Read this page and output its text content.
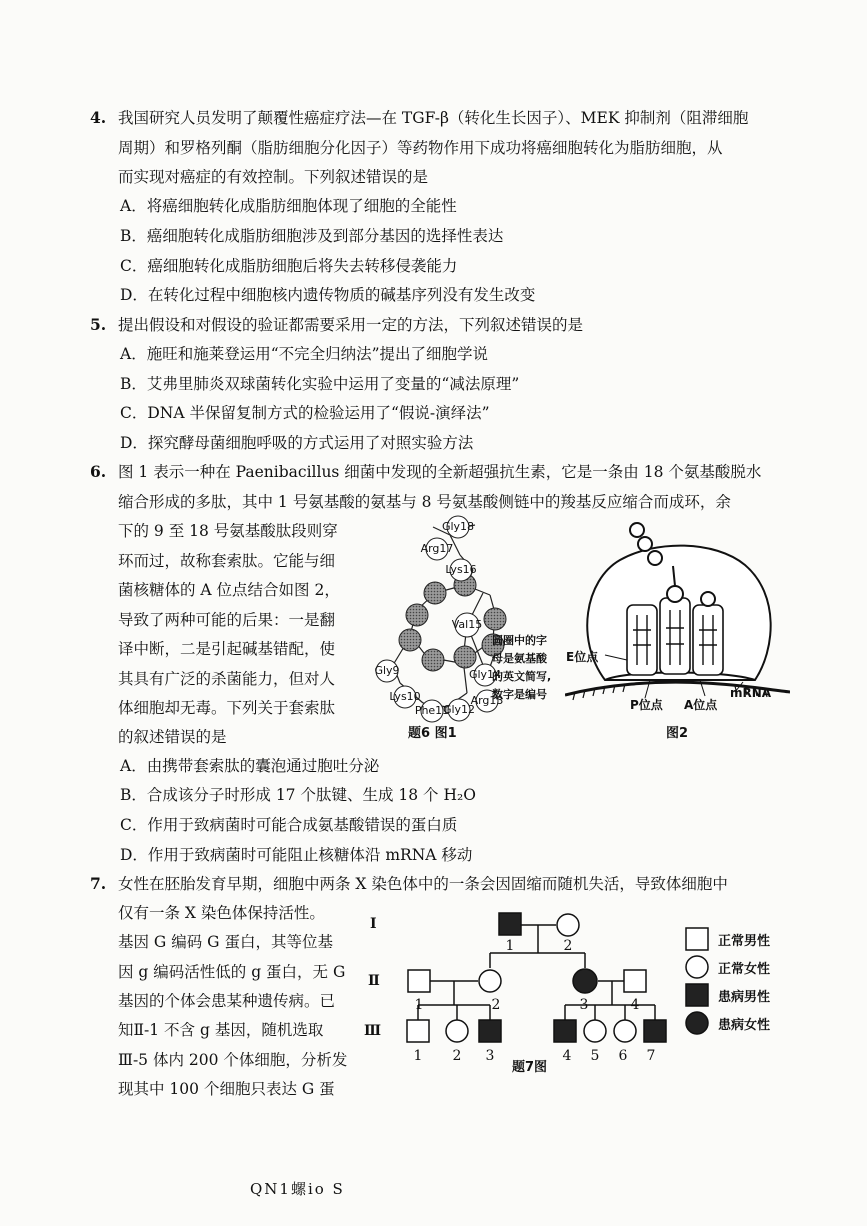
4. 我国研究人员发明了颠覆性癌症疗法—在 TGF-β（转化生长因子）、MEK 抑制剂（阻滞细胞
周期）和罗格列酮（脂肪细胞分化因子）等药物作用下成功将癌细胞转化为脂肪细胞，从
而实现对癌症的有效控制。下列叙述错误的是
A．将癌细胞转化成脂肪细胞体现了细胞的全能性
B．癌细胞转化成脂肪细胞涉及到部分基因的选择性表达
C．癌细胞转化成脂肪细胞后将失去转移侵袭能力
D．在转化过程中细胞核内遗传物质的碱基序列没有发生改变
5. 提出假设和对假设的验证都需要采用一定的方法，下列叙述错误的是
A．施旺和施莱登运用“不完全归纳法”提出了细胞学说
B．艾弗里肺炎双球菌转化实验中运用了变量的“减法原理”
C．DNA 半保留复制方式的检验运用了“假说-演绎法”
D．探究酵母菌细胞呼吸的方式运用了对照实验方法
6. 图 1 表示一种在 Paenibacillus 细菌中发现的全新超强抗生素，它是一条由 18 个氨基酸脱水
缩合形成的多肽，其中 1 号氨基酸的氨基与 8 号氨基酸侧链中的羧基反应缩合而成环，余
下的 9 至 18 号氨基酸肽段则穿
环而过，故称套索肽。它能与细
菌核糖体的 A 位点结合如图 2，
导致了两种可能的后果：一是翻
译中断，二是引起碱基错配，使
其具有广泛的杀菌能力，但对人
体细胞却无毒。下列关于套索肽
的叙述错误的是
A．由携带套索肽的囊泡通过胞吐分泌
B．合成该分子时形成 17 个肽键、生成 18 个 H₂O
C．作用于致病菌时可能合成氨基酸错误的蛋白质
D．作用于致病菌时可能阻止核糖体沿 mRNA 移动
Gly18
Arg17
Lys16
Val15
Gly14
Arg13
Gly12
Phe11
Lys10
Gly9
圆圈中的字
母是氨基酸
的英文简写,
数字是编号
题6 图1
E位点
P位点 A位点
mRNA
图2
7. 女性在胚胎发育早期，细胞中两条 X 染色体中的一条会因固缩而随机失活，导致体细胞中
仅有一条 X 染色体保持活性。
基因 G 编码 G 蛋白，其等位基
因 g 编码活性低的 g 蛋白，无 G
基因的个体会患某种遗传病。已
知Ⅱ-1 不含 g 基因，随机选取
Ⅲ-5 体内 200 个体细胞，分析发
现其中 100 个细胞只表达 G 蛋
I
Ⅱ
Ⅲ
1	2
1	2	3	4
1 2 3	4 5 6 7
题7图
正常男性
正常女性
患病男性
患病女性
QN1螺io S
